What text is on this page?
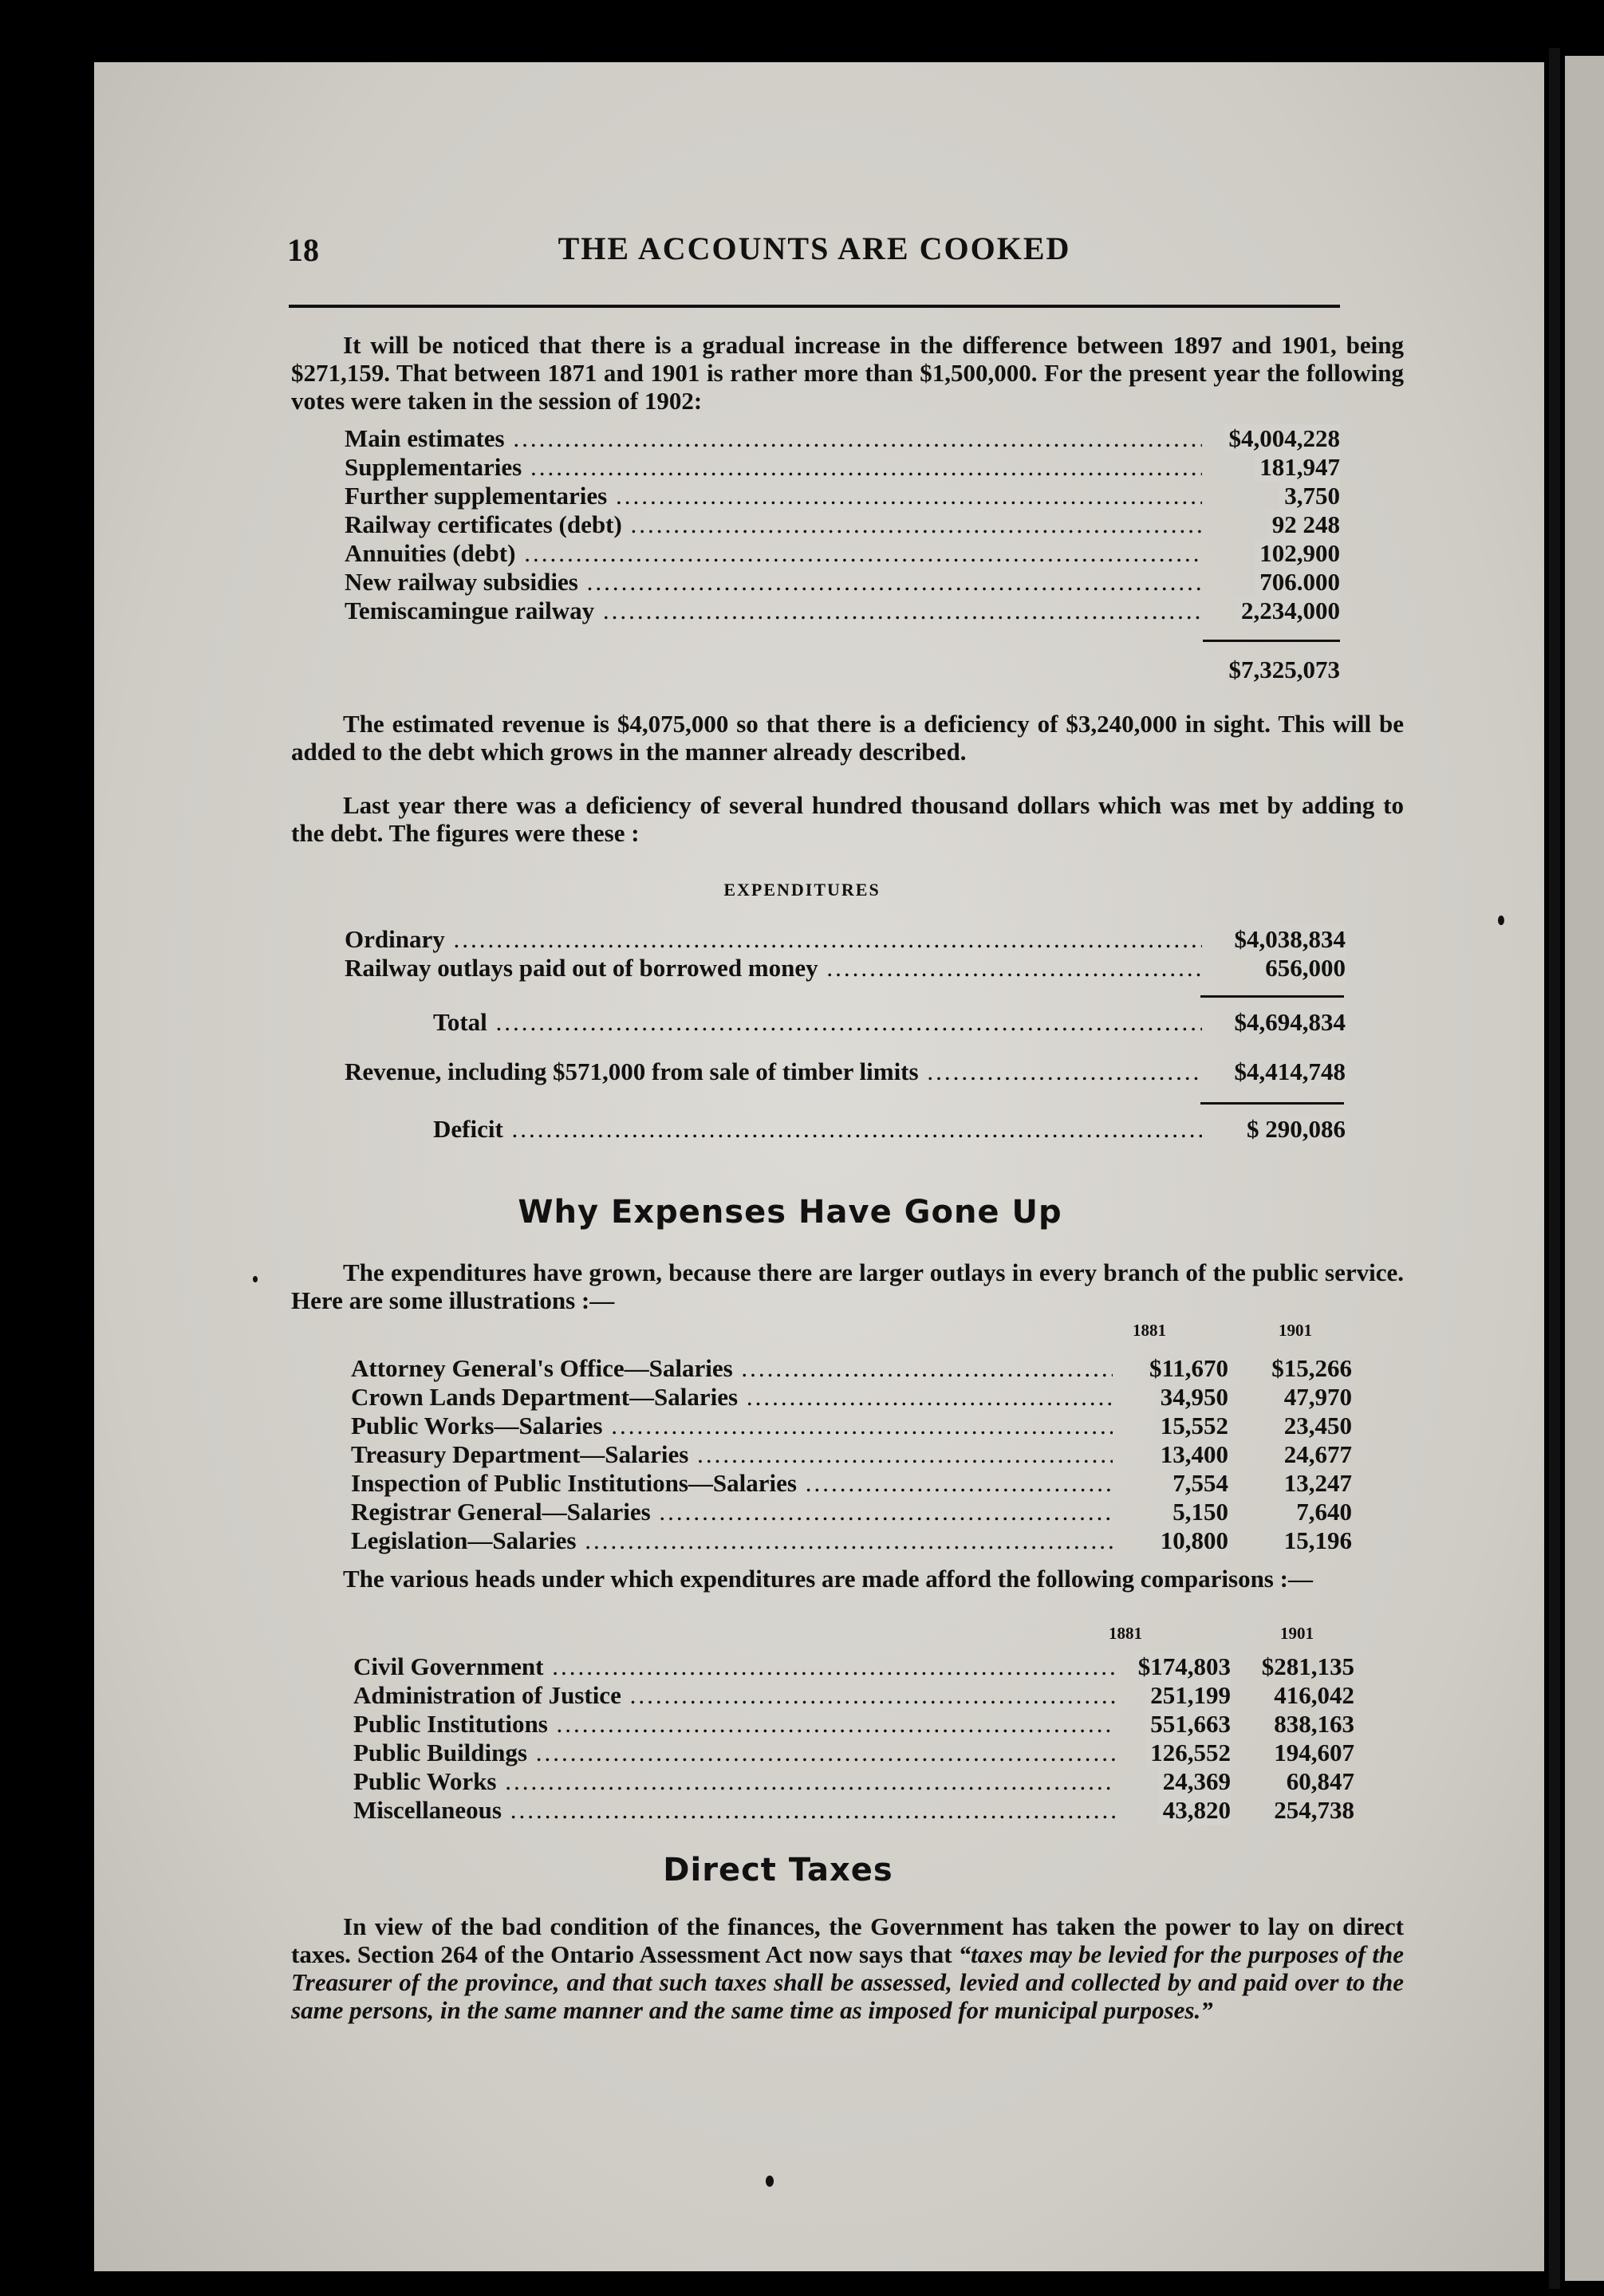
18	THE ACCOUNTS ARE COOKED

It will be noticed that there is a gradual increase in the difference between 1897 and 1901, being $271,159. That between 1871 and 1901 is rather more than $1,500,000. For the present year the following votes were taken in the session of 1902:

Main estimates .....	$4,004,228
Supplementaries .....	181,947
Further supplementaries .....	3,750
Railway certificates (debt) .....	92 248
Annuities (debt) .....	102,900
New railway subsidies .....	706.000
Temiscamingue railway .....	2,234,000
$7,325,073

The estimated revenue is $4,075,000 so that there is a deficiency of $3,240,000 in sight. This will be added to the debt which grows in the manner already described.

Last year there was a deficiency of several hundred thousand dollars which was met by adding to the debt. The figures were these :

EXPENDITURES
Ordinary .....	$4,038,834
Railway outlays paid out of borrowed money .....	656,000
Total .....	$4,694,834
Revenue, including $571,000 from sale of timber limits .....	$4,414,748
Deficit .....	$ 290,086
Why Expenses Have Gone Up

The expenditures have grown, because there are larger outlays in every branch of the public service. Here are some illustrations :—

1881	1901
Attorney General's Office—Salaries .....	$11,670 $15,266
Crown Lands Department—Salaries .....	34,950 47,970
Public Works—Salaries .....	15,552 23,450
Treasury Department—Salaries .....	13,400 24,677
Inspection of Public Institutions—Salaries .....	7,554 13,247
Registrar General—Salaries .....	5,150	7,640
Legislation—Salaries .....	10,800 15,196

The various heads under which expenditures are made afford the following comparisons :—

1881	1901
Civil Government .....	$174,803 $281,135
Administration of Justice .....	251,199 416,042
Public Institutions .....	551,663 838,163
Public Buildings .....	126,552 194,607
Public Works .....	24,369 60,847
Miscellaneous .....	43,820 254,738
Direct Taxes

In view of the bad condition of the finances, the Government has taken the power to lay on direct taxes. Section 264 of the Ontario Assessment Act now says that “taxes may be levied for the purposes of the Treasurer of the province, and that such taxes shall be assessed, levied and collected by and paid over to the same persons, in the same manner and the same time as imposed for municipal purposes.”
